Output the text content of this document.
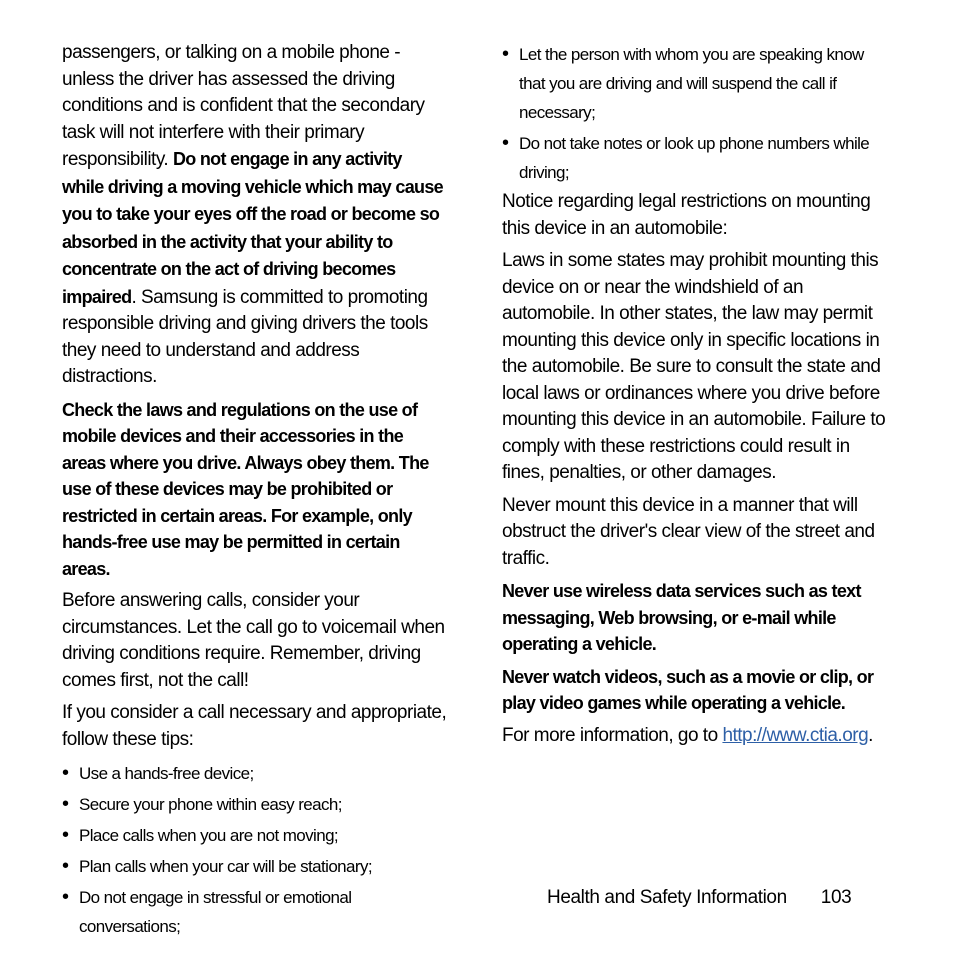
passengers, or talking on a mobile phone - unless the driver has assessed the driving conditions and is confident that the secondary task will not interfere with their primary responsibility. Do not engage in any activity while driving a moving vehicle which may cause you to take your eyes off the road or become so absorbed in the activity that your ability to concentrate on the act of driving becomes impaired. Samsung is committed to promoting responsible driving and giving drivers the tools they need to understand and address distractions.

Check the laws and regulations on the use of mobile devices and their accessories in the areas where you drive. Always obey them. The use of these devices may be prohibited or restricted in certain areas. For example, only hands-free use may be permitted in certain areas.

Before answering calls, consider your circumstances. Let the call go to voicemail when driving conditions require. Remember, driving comes first, not the call!

If you consider a call necessary and appropriate, follow these tips:

• Use a hands-free device;
• Secure your phone within easy reach;
• Place calls when you are not moving;
• Plan calls when your car will be stationary;
• Do not engage in stressful or emotional conversations;
• Let the person with whom you are speaking know that you are driving and will suspend the call if necessary;
• Do not take notes or look up phone numbers while driving;

Notice regarding legal restrictions on mounting this device in an automobile:

Laws in some states may prohibit mounting this device on or near the windshield of an automobile. In other states, the law may permit mounting this device only in specific locations in the automobile. Be sure to consult the state and local laws or ordinances where you drive before mounting this device in an automobile. Failure to comply with these restrictions could result in fines, penalties, or other damages.

Never mount this device in a manner that will obstruct the driver's clear view of the street and traffic.

Never use wireless data services such as text messaging, Web browsing, or e-mail while operating a vehicle.

Never watch videos, such as a movie or clip, or play video games while operating a vehicle.

For more information, go to http://www.ctia.org.

Health and Safety Information 103
